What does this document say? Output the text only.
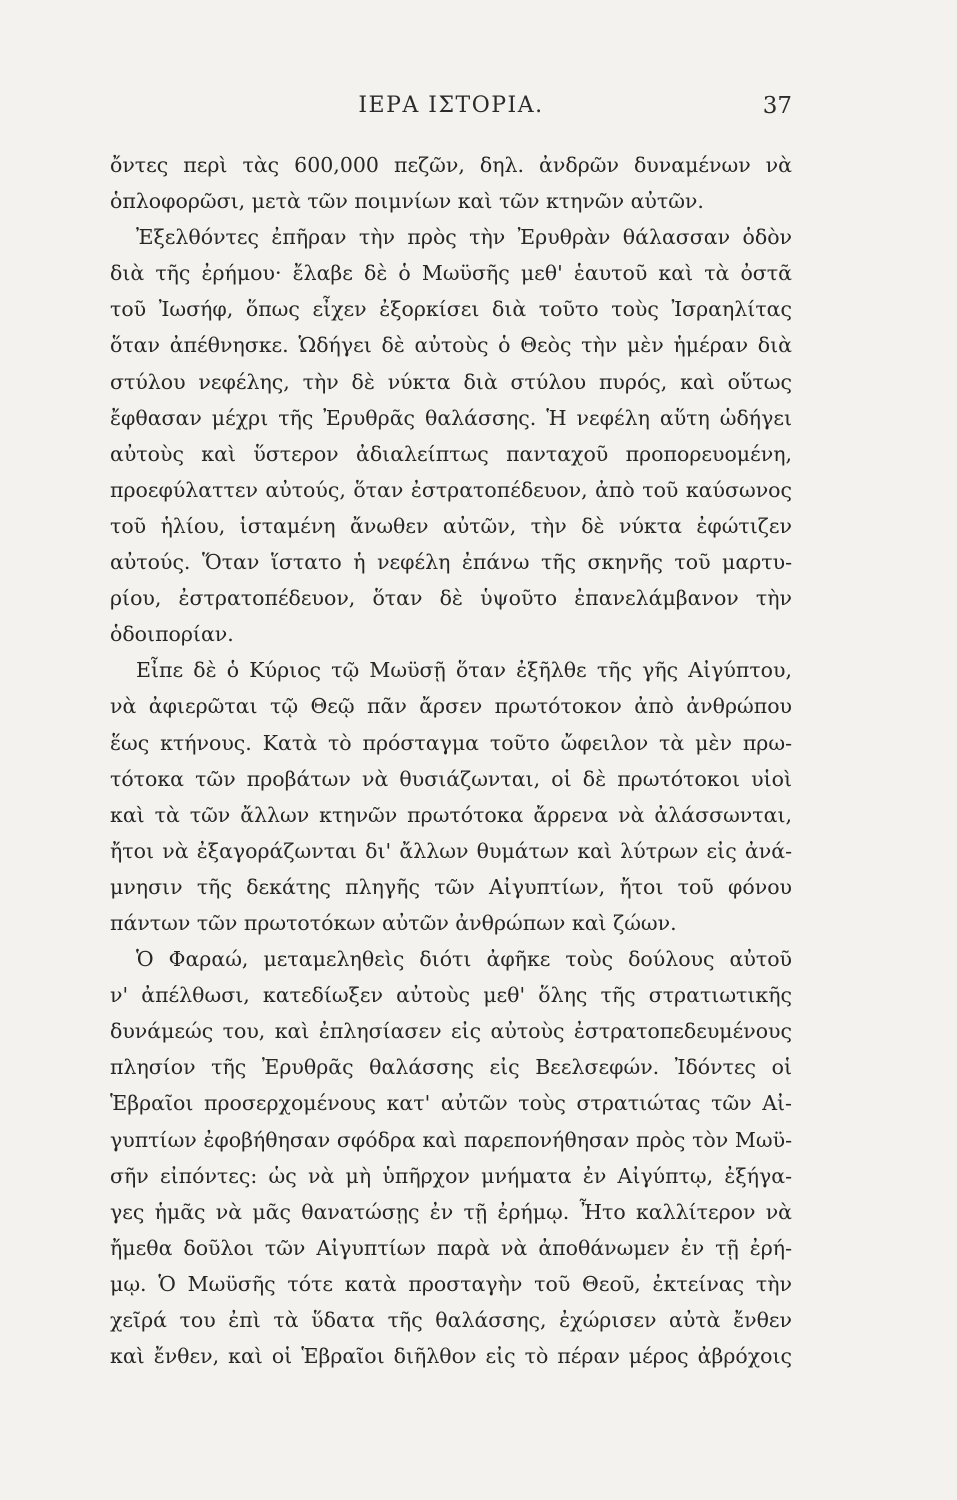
ΙΕΡΑ ΙΣΤΟΡΙΑ.	37
ὄντες περὶ τὰς 600,000 πεζῶν, δηλ. ἀνδρῶν δυναμένων νὰ
ὁπλοφορῶσι, μετὰ τῶν ποιμνίων καὶ τῶν κτηνῶν αὐτῶν.
Ἐξελθόντες ἐπῆραν τὴν πρὸς τὴν Ἐρυθρὰν θάλασσαν ὁδὸν
διὰ τῆς ἐρήμου· ἔλαβε δὲ ὁ Μωϋσῆς μεθ' ἑαυτοῦ καὶ τὰ ὀστᾶ
τοῦ Ἰωσήφ, ὅπως εἶχεν ἐξορκίσει διὰ τοῦτο τοὺς Ἰσραηλίτας
ὅταν ἀπέθνησκε. Ὡδήγει δὲ αὐτοὺς ὁ Θεὸς τὴν μὲν ἡμέραν διὰ
στύλου νεφέλης, τὴν δὲ νύκτα διὰ στύλου πυρός, καὶ οὕτως
ἔφθασαν μέχρι τῆς Ἐρυθρᾶς θαλάσσης. Ἡ νεφέλη αὕτη ὡδήγει
αὐτοὺς καὶ ὕστερον ἀδιαλείπτως πανταχοῦ προπορευομένη,
προεφύλαττεν αὐτούς, ὅταν ἐστρατοπέδευον, ἀπὸ τοῦ καύσωνος
τοῦ ἡλίου, ἱσταμένη ἄνωθεν αὐτῶν, τὴν δὲ νύκτα ἐφώτιζεν
αὐτούς. Ὅταν ἵστατο ἡ νεφέλη ἐπάνω τῆς σκηνῆς τοῦ μαρτυ-
ρίου, ἐστρατοπέδευον, ὅταν δὲ ὑψοῦτο ἐπανελάμβανον τὴν
ὁδοιπορίαν.
Εἶπε δὲ ὁ Κύριος τῷ Μωϋσῇ ὅταν ἐξῆλθε τῆς γῆς Αἰγύπτου,
νὰ ἀφιερῶται τῷ Θεῷ πᾶν ἄρσεν πρωτότοκον ἀπὸ ἀνθρώπου
ἕως κτήνους. Κατὰ τὸ πρόσταγμα τοῦτο ὤφειλον τὰ μὲν πρω-
τότοκα τῶν προβάτων νὰ θυσιάζωνται, οἱ δὲ πρωτότοκοι υἱοὶ
καὶ τὰ τῶν ἄλλων κτηνῶν πρωτότοκα ἄρρενα νὰ ἀλάσσωνται,
ἤτοι νὰ ἐξαγοράζωνται δι' ἄλλων θυμάτων καὶ λύτρων εἰς ἀνά-
μνησιν τῆς δεκάτης πληγῆς τῶν Αἰγυπτίων, ἤτοι τοῦ φόνου
πάντων τῶν πρωτοτόκων αὐτῶν ἀνθρώπων καὶ ζώων.
Ὁ Φαραώ, μεταμεληθεὶς διότι ἀφῆκε τοὺς δούλους αὐτοῦ
ν' ἀπέλθωσι, κατεδίωξεν αὐτοὺς μεθ' ὅλης τῆς στρατιωτικῆς
δυνάμεώς του, καὶ ἐπλησίασεν εἰς αὐτοὺς ἐστρατοπεδευμένους
πλησίον τῆς Ἐρυθρᾶς θαλάσσης εἰς Βεελσεφών. Ἰδόντες οἱ
Ἑβραῖοι προσερχομένους κατ' αὐτῶν τοὺς στρατιώτας τῶν Αἰ-
γυπτίων ἐφοβήθησαν σφόδρα καὶ παρεπονήθησαν πρὸς τὸν Μωϋ-
σῆν εἰπόντες: ὡς νὰ μὴ ὑπῆρχον μνήματα ἐν Αἰγύπτῳ, ἐξήγα-
γες ἡμᾶς νὰ μᾶς θανατώσῃς ἐν τῇ ἐρήμῳ. Ἦτο καλλίτερον νὰ
ἤμεθα δοῦλοι τῶν Αἰγυπτίων παρὰ νὰ ἀποθάνωμεν ἐν τῇ ἐρή-
μῳ. Ὁ Μωϋσῆς τότε κατὰ προσταγὴν τοῦ Θεοῦ, ἐκτείνας τὴν
χεῖρά του ἐπὶ τὰ ὕδατα τῆς θαλάσσης, ἐχώρισεν αὐτὰ ἔνθεν
καὶ ἔνθεν, καὶ οἱ Ἑβραῖοι διῆλθον εἰς τὸ πέραν μέρος ἀβρόχοις
